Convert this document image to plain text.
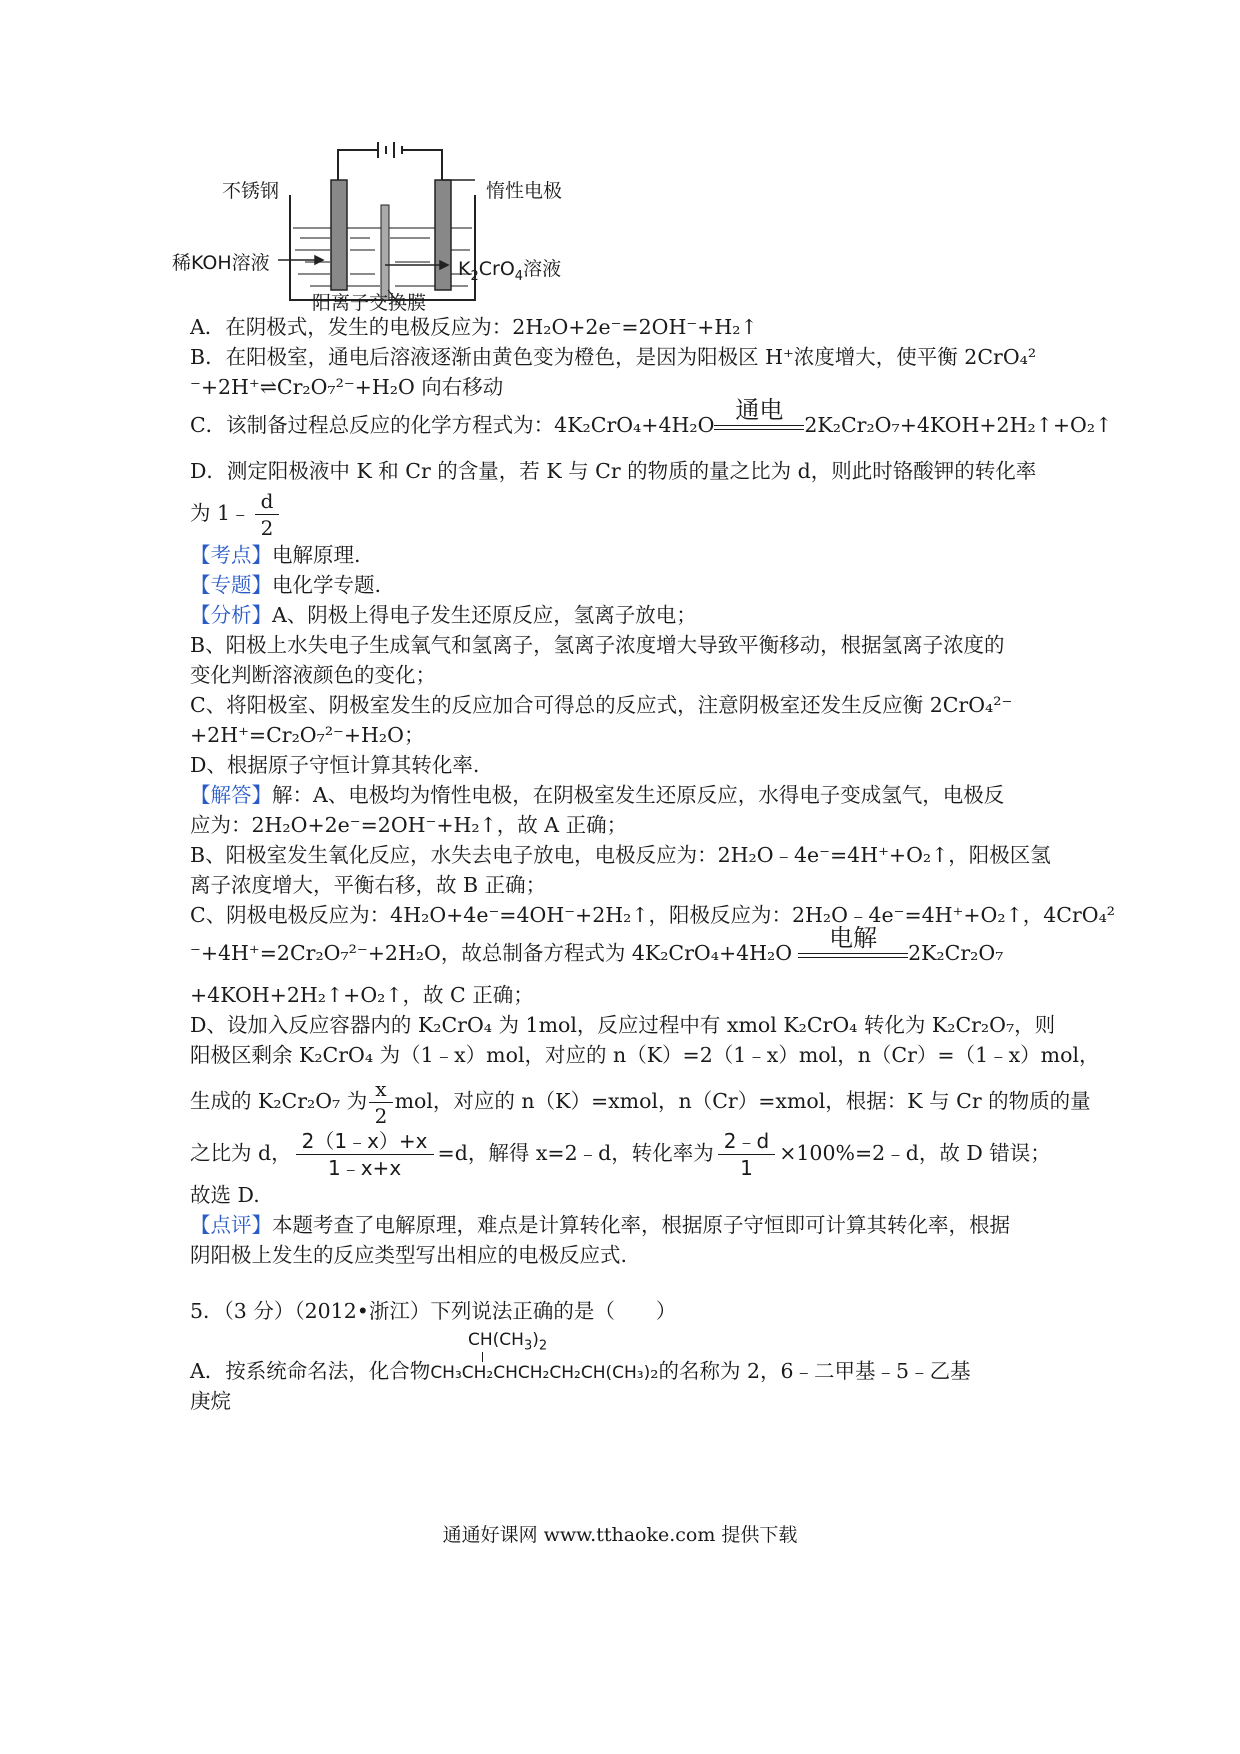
不锈钢	惰性电极
稀KOH溶液	$K_2CrO_4$溶液
阳离子交换膜
A．在阴极式，发生的电极反应为：2H₂O+2e⁻=2OH⁻+H₂↑
B．在阳极室，通电后溶液逐渐由黄色变为橙色，是因为阳极区 H⁺浓度增大，使平衡 2CrO₄²
⁻+2H⁺⇌Cr₂O₇²⁻+H₂O 向右移动
C．该制备过程总反应的化学方程式为：4K₂CrO₄+4H₂O
通电
2K₂Cr₂O₇+4KOH+2H₂↑+O₂↑
D．测定阳极液中 K 和 Cr 的含量，若 K 与 Cr 的物质的量之比为 d，则此时铬酸钾的转化率
为 1﹣ $\frac{d}{2}$
【考点】电解原理.
【专题】电化学专题.
【分析】A、阴极上得电子发生还原反应，氢离子放电；
B、阳极上水失电子生成氧气和氢离子，氢离子浓度增大导致平衡移动，根据氢离子浓度的
变化判断溶液颜色的变化；
C、将阳极室、阴极室发生的反应加合可得总的反应式，注意阴极室还发生反应衡 2CrO₄²⁻
+2H⁺=Cr₂O₇²⁻+H₂O；
D、根据原子守恒计算其转化率.
【解答】解：A、电极均为惰性电极，在阴极室发生还原反应，水得电子变成氢气，电极反
应为：2H₂O+2e⁻=2OH⁻+H₂↑，故 A 正确；
B、阳极室发生氧化反应，水失去电子放电，电极反应为：2H₂O﹣4e⁻=4H⁺+O₂↑，阳极区氢
离子浓度增大，平衡右移，故 B 正确；
C、阴极电极反应为：4H₂O+4e⁻=4OH⁻+2H₂↑，阳极反应为：2H₂O﹣4e⁻=4H⁺+O₂↑，4CrO₄²
⁻+4H⁺=2Cr₂O₇²⁻+2H₂O，故总制备方程式为 4K₂CrO₄+4H₂O
电解
2K₂Cr₂O₇
+4KOH+2H₂↑+O₂↑，故 C 正确；
D、设加入反应容器内的 K₂CrO₄ 为 1mol，反应过程中有 xmol K₂CrO₄ 转化为 K₂Cr₂O₇，则
阳极区剩余 K₂CrO₄ 为（1﹣x）mol，对应的 n（K）=2（1﹣x）mol，n（Cr）=（1﹣x）mol，
生成的 K₂Cr₂O₇ 为 $\frac{x}{2}$ mol，对应的 n（K）=xmol，n（Cr）=xmol，根据：K 与 Cr 的物质的量
之比为 d， $\frac{2(1﹣x)+x}{1﹣x+x} =d$，解得 x=2﹣d，转化率为 $\frac{2﹣d}{1}$ ×100%=2﹣d，故 D 错误；
故选 D.
【点评】本题考查了电解原理，难点是计算转化率，根据原子守恒即可计算其转化率，根据
阴阳极上发生的反应类型写出相应的电极反应式.
5．（3 分）（2012•浙江）下列说法正确的是（　　）
$CH(CH_3)_2$
A．按系统命名法，化合物CH₃CH₂CHCH₂CH₂CH(CH₃)₂的名称为 2，6﹣二甲基﹣5﹣乙基
庚烷
通通好课网 www.tthaoke.com 提供下载
